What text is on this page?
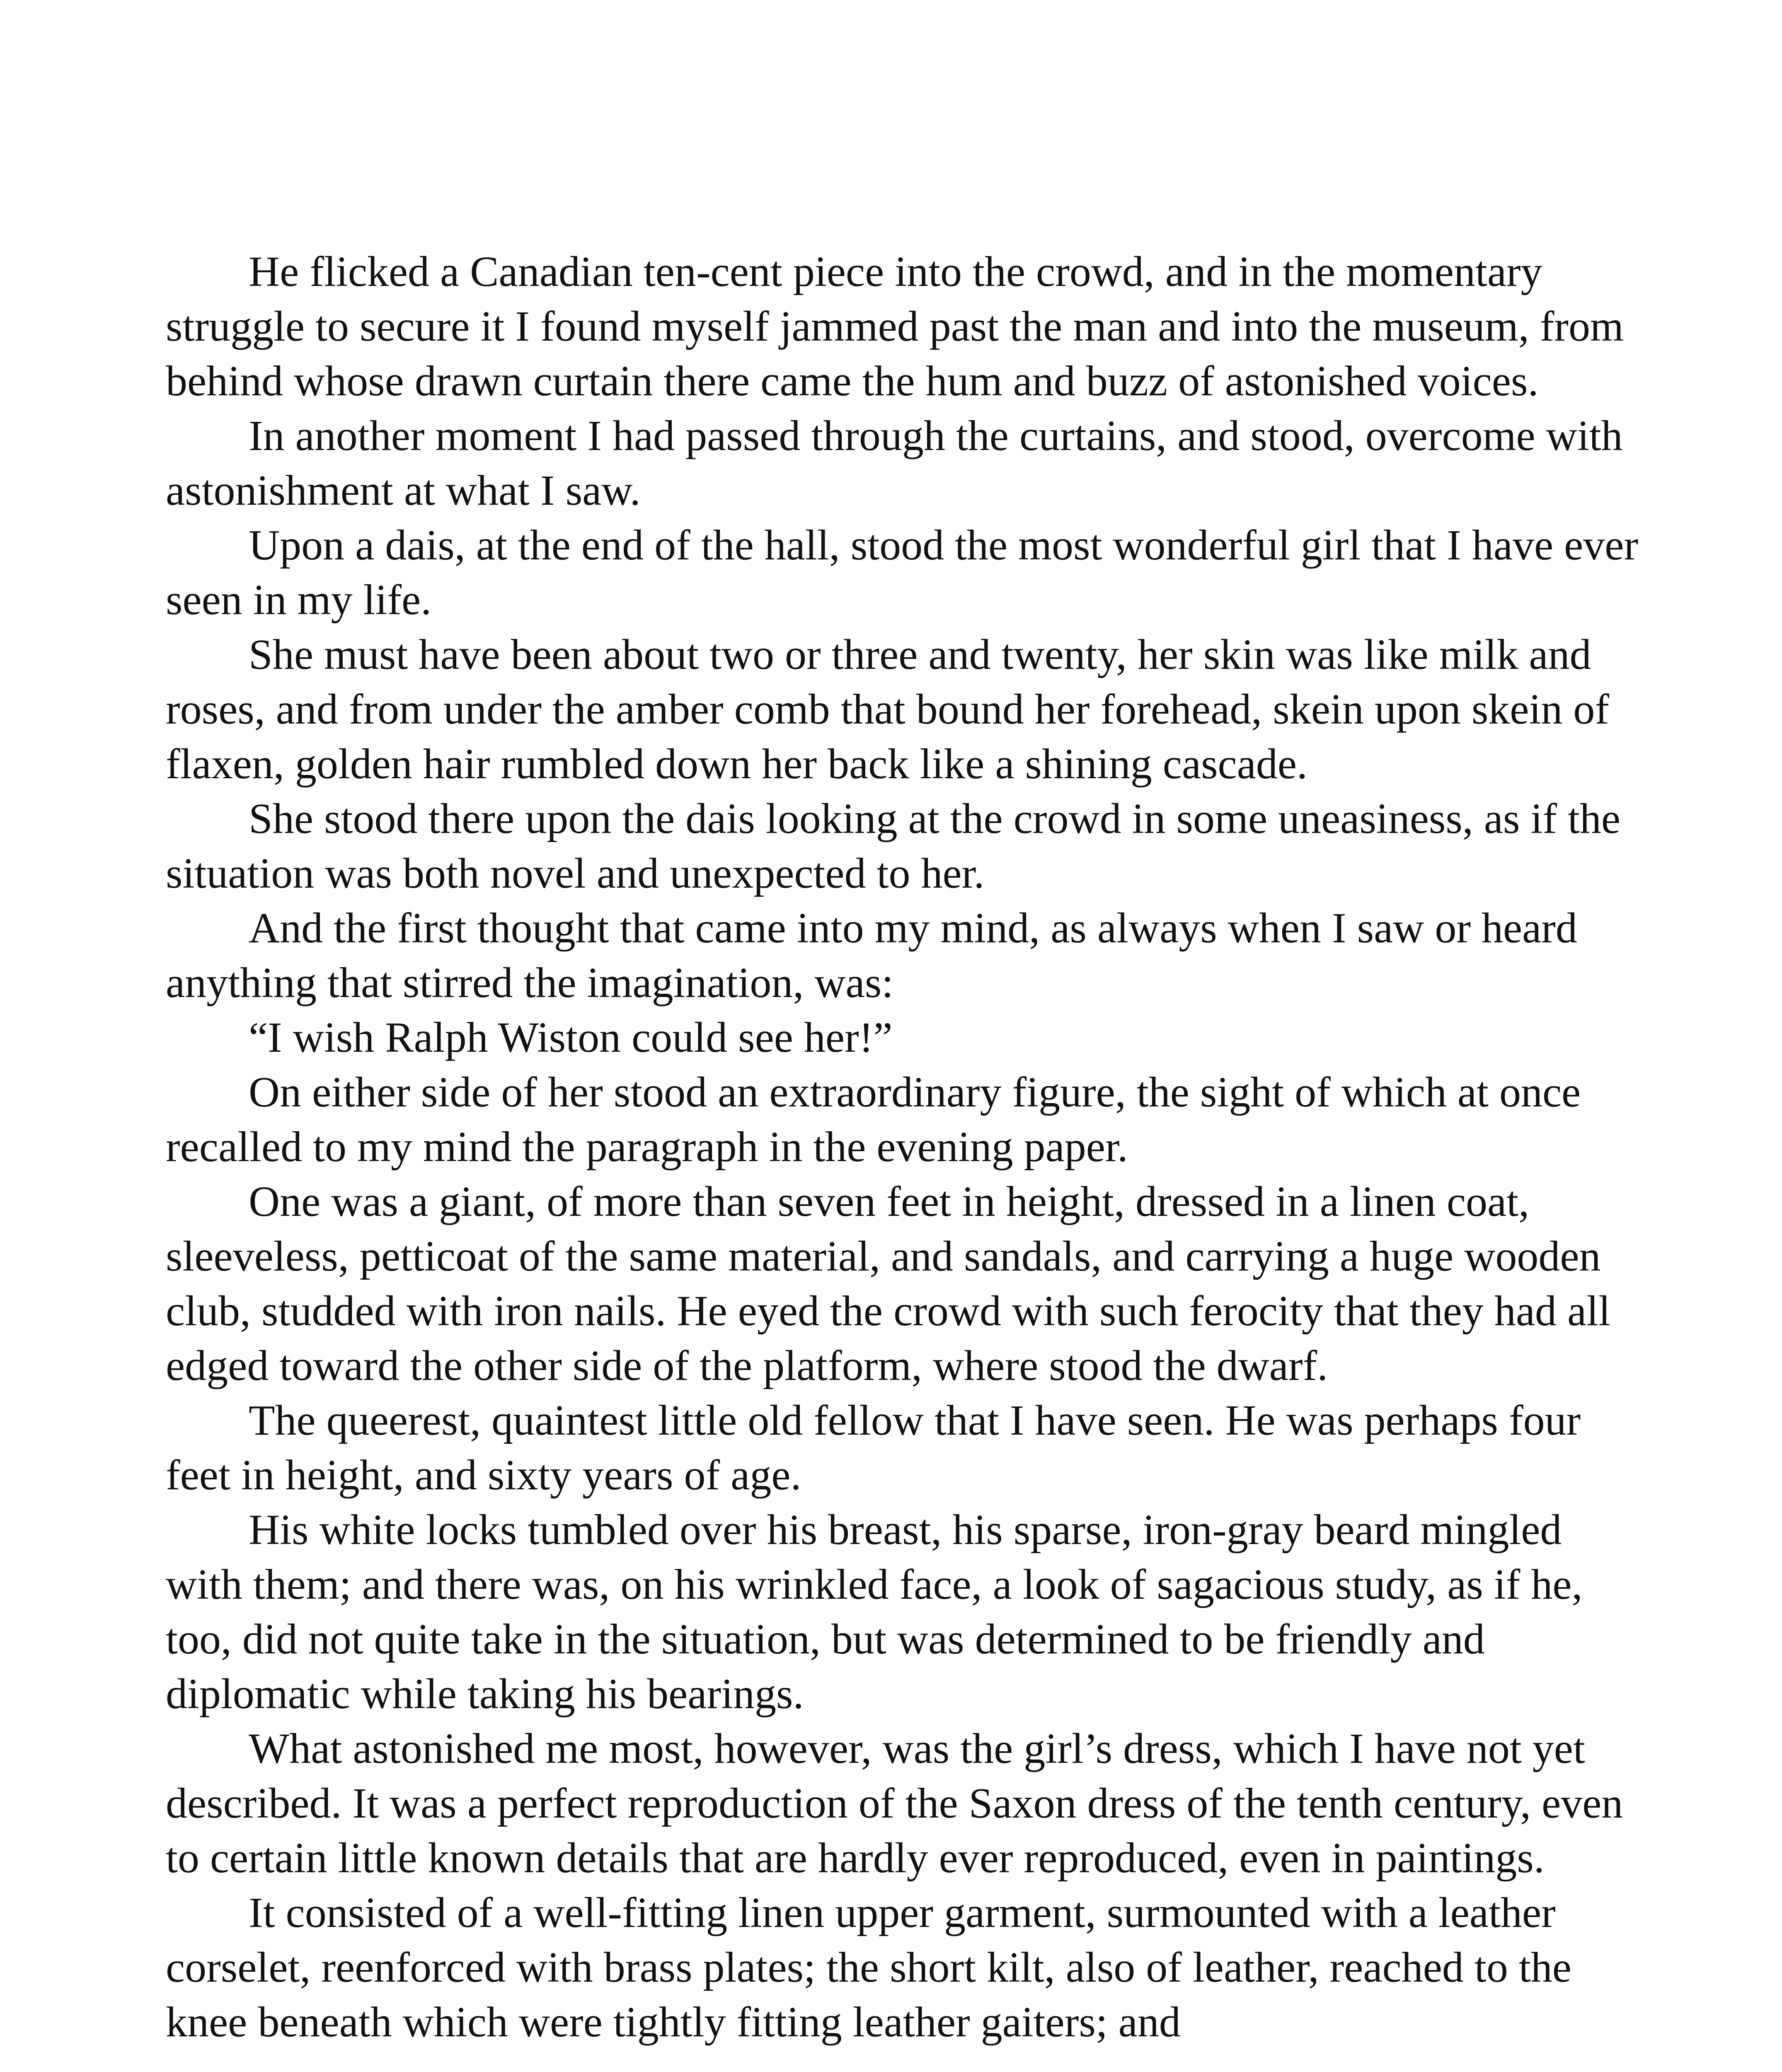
He flicked a Canadian ten-cent piece into the crowd, and in the momentary struggle to secure it I found myself jammed past the man and into the museum, from behind whose drawn curtain there came the hum and buzz of astonished voices.

In another moment I had passed through the curtains, and stood, overcome with astonishment at what I saw.

Upon a dais, at the end of the hall, stood the most wonderful girl that I have ever seen in my life.

She must have been about two or three and twenty, her skin was like milk and roses, and from under the amber comb that bound her forehead, skein upon skein of flaxen, golden hair rumbled down her back like a shining cascade.

She stood there upon the dais looking at the crowd in some uneasiness, as if the situation was both novel and unexpected to her.

And the first thought that came into my mind, as always when I saw or heard anything that stirred the imagination, was:

“I wish Ralph Wiston could see her!”

On either side of her stood an extraordinary figure, the sight of which at once recalled to my mind the paragraph in the evening paper.

One was a giant, of more than seven feet in height, dressed in a linen coat, sleeveless, petticoat of the same material, and sandals, and carrying a huge wooden club, studded with iron nails. He eyed the crowd with such ferocity that they had all edged toward the other side of the platform, where stood the dwarf.

The queerest, quaintest little old fellow that I have seen. He was perhaps four feet in height, and sixty years of age.

His white locks tumbled over his breast, his sparse, iron-gray beard mingled with them; and there was, on his wrinkled face, a look of sagacious study, as if he, too, did not quite take in the situation, but was determined to be friendly and diplomatic while taking his bearings.

What astonished me most, however, was the girl’s dress, which I have not yet described. It was a perfect reproduction of the Saxon dress of the tenth century, even to certain little known details that are hardly ever reproduced, even in paintings.

It consisted of a well-fitting linen upper garment, surmounted with a leather corselet, reenforced with brass plates; the short kilt, also of leather, reached to the knee beneath which were tightly fitting leather gaiters; and
